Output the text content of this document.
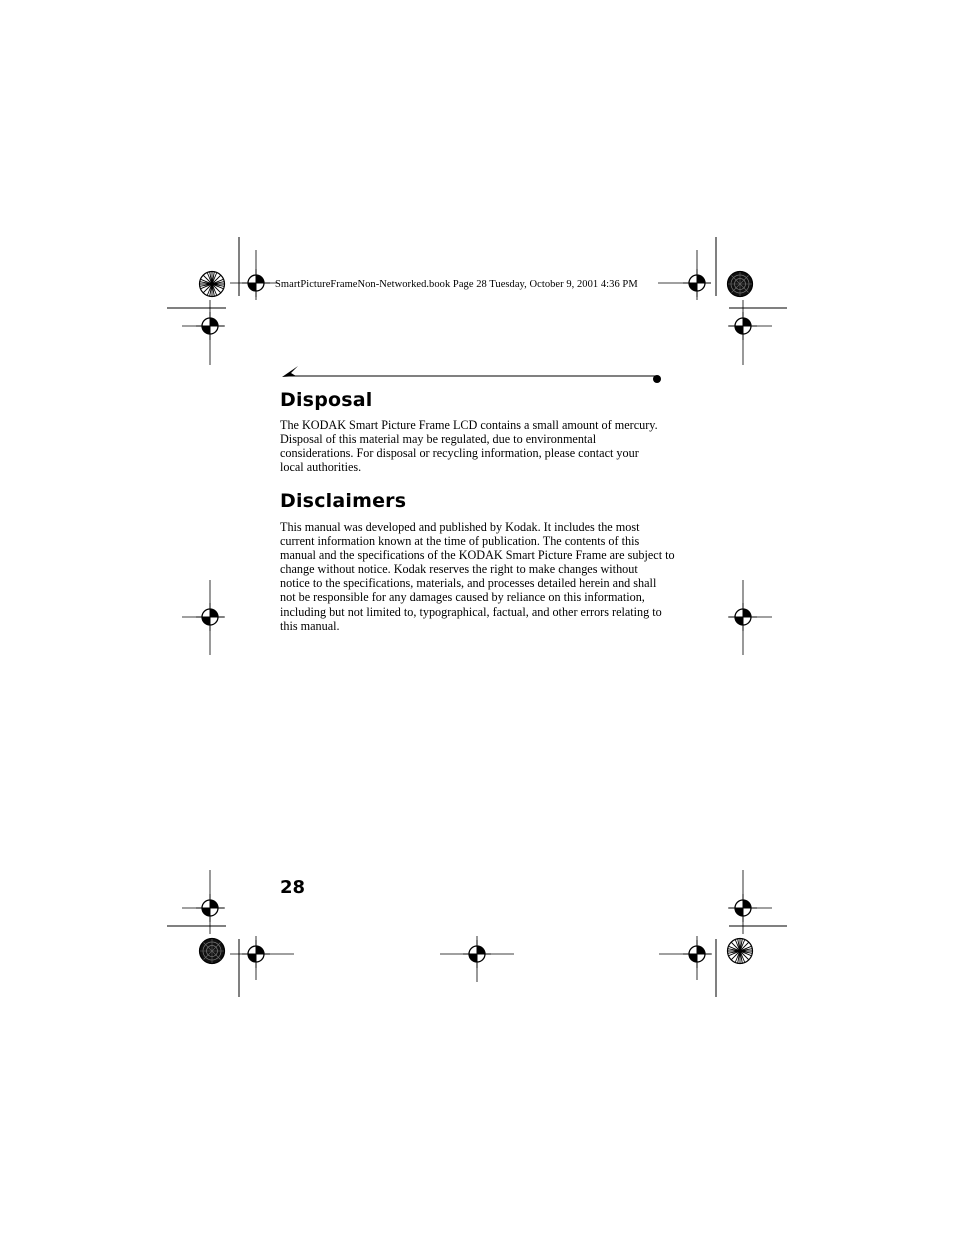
SmartPictureFrameNon-Networked.book Page 28 Tuesday, October 9, 2001 4:36 PM
Disposal

The KODAK Smart Picture Frame LCD contains a small amount of mercury.
Disposal of this material may be regulated, due to environmental
considerations. For disposal or recycling information, please contact your
local authorities.

Disclaimers

This manual was developed and published by Kodak. It includes the most
current information known at the time of publication. The contents of this
manual and the specifications of the KODAK Smart Picture Frame are subject to
change without notice. Kodak reserves the right to make changes without
notice to the specifications, materials, and processes detailed herein and shall
not be responsible for any damages caused by reliance on this information,
including but not limited to, typographical, factual, and other errors relating to
this manual.

28
